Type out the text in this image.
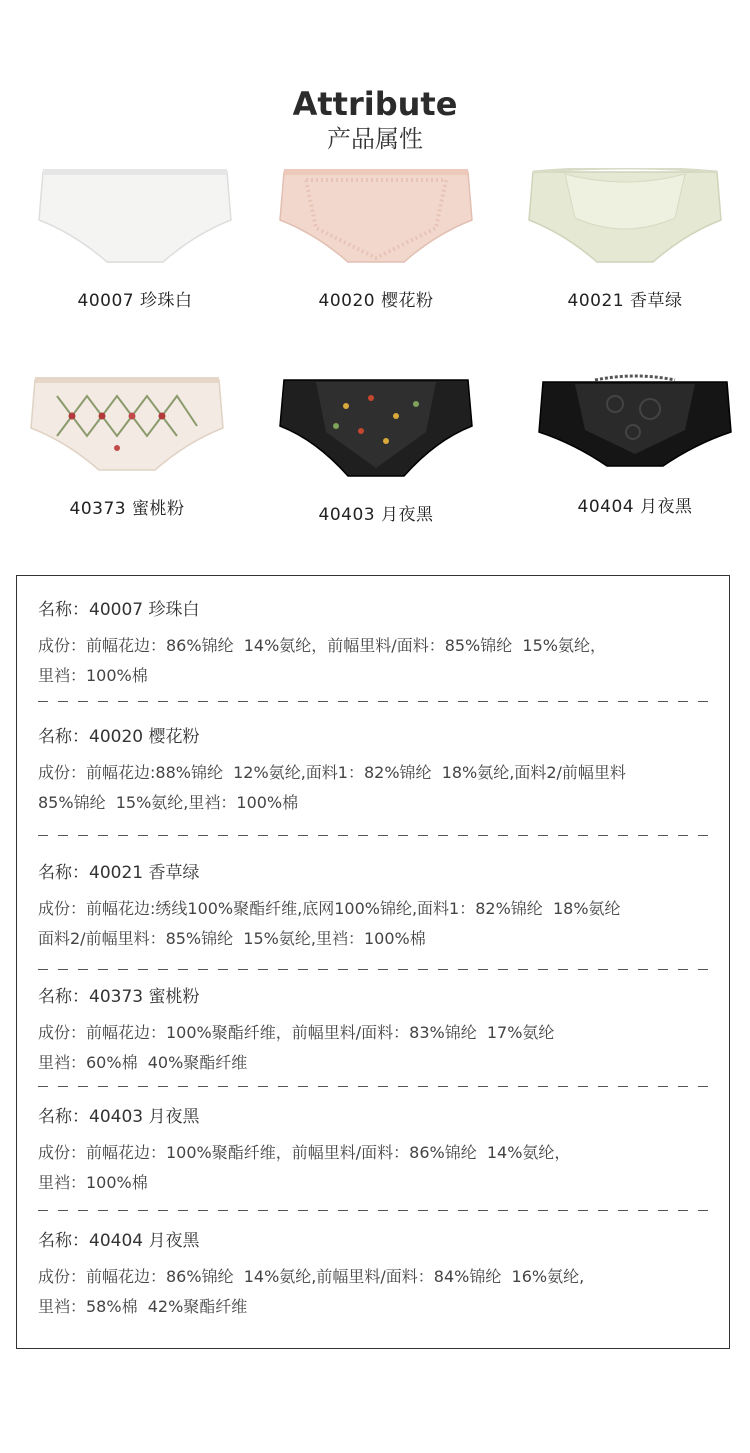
Attribute
产品属性
40007 珍珠白	40020 樱花粉	40021 香草绿
40373 蜜桃粉	40403 月夜黑	40404 月夜黑
名称：40007 珍珠白
成份：前幅花边：86%锦纶  14%氨纶，前幅里料/面料：85%锦纶  15%氨纶，
里裆：100%棉
名称：40020 樱花粉
成份：前幅花边:88%锦纶  12%氨纶,面料1：82%锦纶  18%氨纶,面料2/前幅里料
85%锦纶  15%氨纶,里裆：100%棉
名称：40021 香草绿
成份：前幅花边:绣线100%聚酯纤维,底网100%锦纶,面料1：82%锦纶  18%氨纶
面料2/前幅里料：85%锦纶  15%氨纶,里裆：100%棉
名称：40373 蜜桃粉
成份：前幅花边：100%聚酯纤维，前幅里料/面料：83%锦纶  17%氨纶
里裆：60%棉  40%聚酯纤维
名称：40403 月夜黑
成份：前幅花边：100%聚酯纤维，前幅里料/面料：86%锦纶  14%氨纶，
里裆：100%棉
名称：40404 月夜黑
成份：前幅花边：86%锦纶  14%氨纶,前幅里料/面料：84%锦纶  16%氨纶,
里裆：58%棉  42%聚酯纤维
